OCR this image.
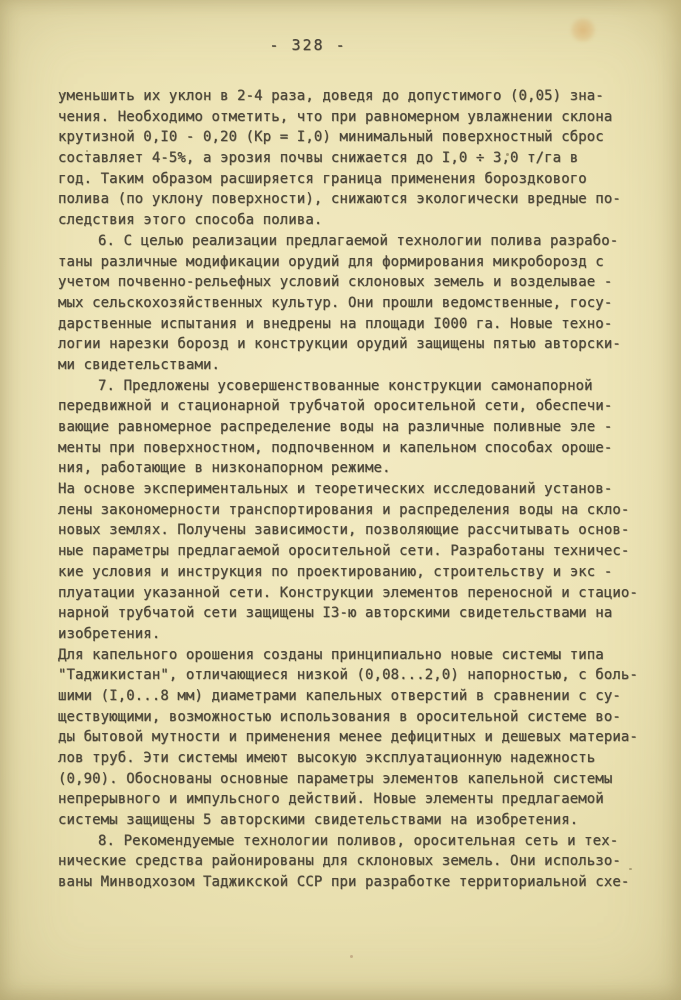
- 328 -
уменьшить их уклон в 2-4 раза, доведя до допустимого (0,05) зна-
чения. Необходимо отметить, что при равномерном увлажнении склона
крутизной 0,I0 - 0,20 (Кр = I,0) минимальный поверхностный сброс
составляет 4-5%, а эрозия почвы снижается до I,0 ÷ 3,0 т/га в
год. Таким образом расширяется граница применения бороздкового
полива (по уклону поверхности), снижаются экологически вредные по-
следствия этого способа полива.
6. С целью реализации предлагаемой технологии полива разрабо-
таны различные модификации орудий для формирования микроборозд с
учетом почвенно-рельефных условий склоновых земель и возделывае -
мых сельскохозяйственных культур. Они прошли ведомственные, госу-
дарственные испытания и внедрены на площади I000 га. Новые техно-
логии нарезки борозд и конструкции орудий защищены пятью авторски-
ми свидетельствами.
7. Предложены усовершенствованные конструкции самонапорной
передвижной и стационарной трубчатой оросительной сети, обеспечи-
вающие равномерное распределение воды на различные поливные эле -
менты при поверхностном, подпочвенном и капельном способах ороше-
ния, работающие в низконапорном режиме.
На основе экспериментальных и теоретических исследований установ-
лены закономерности транспортирования и распределения воды на скло-
новых землях. Получены зависимости, позволяющие рассчитывать основ-
ные параметры предлагаемой оросительной сети. Разработаны техничес-
кие условия и инструкция по проектированию, строительству и экс -
плуатации указанной сети. Конструкции элементов переносной и стацио-
нарной трубчатой сети защищены I3-ю авторскими свидетельствами на
изобретения.
Для капельного орошения созданы принципиально новые системы типа
"Таджикистан", отличающиеся низкой (0,08...2,0) напорностью, с боль-
шими (I,0...8 мм) диаметрами капельных отверстий в сравнении с су-
ществующими, возможностью использования в оросительной системе во-
ды бытовой мутности и применения менее дефицитных и дешевых материа-
лов труб. Эти системы имеют высокую эксплуатационную надежность
(0,90). Обоснованы основные параметры элементов капельной системы
непрерывного и импульсного действий. Новые элементы предлагаемой
системы защищены 5 авторскими свидетельствами на изобретения.
8. Рекомендуемые технологии поливов, оросительная сеть и тех-
нические средства районированы для склоновых земель. Они использо-
ваны Минводхозом Таджикской ССР при разработке территориальной схе-
